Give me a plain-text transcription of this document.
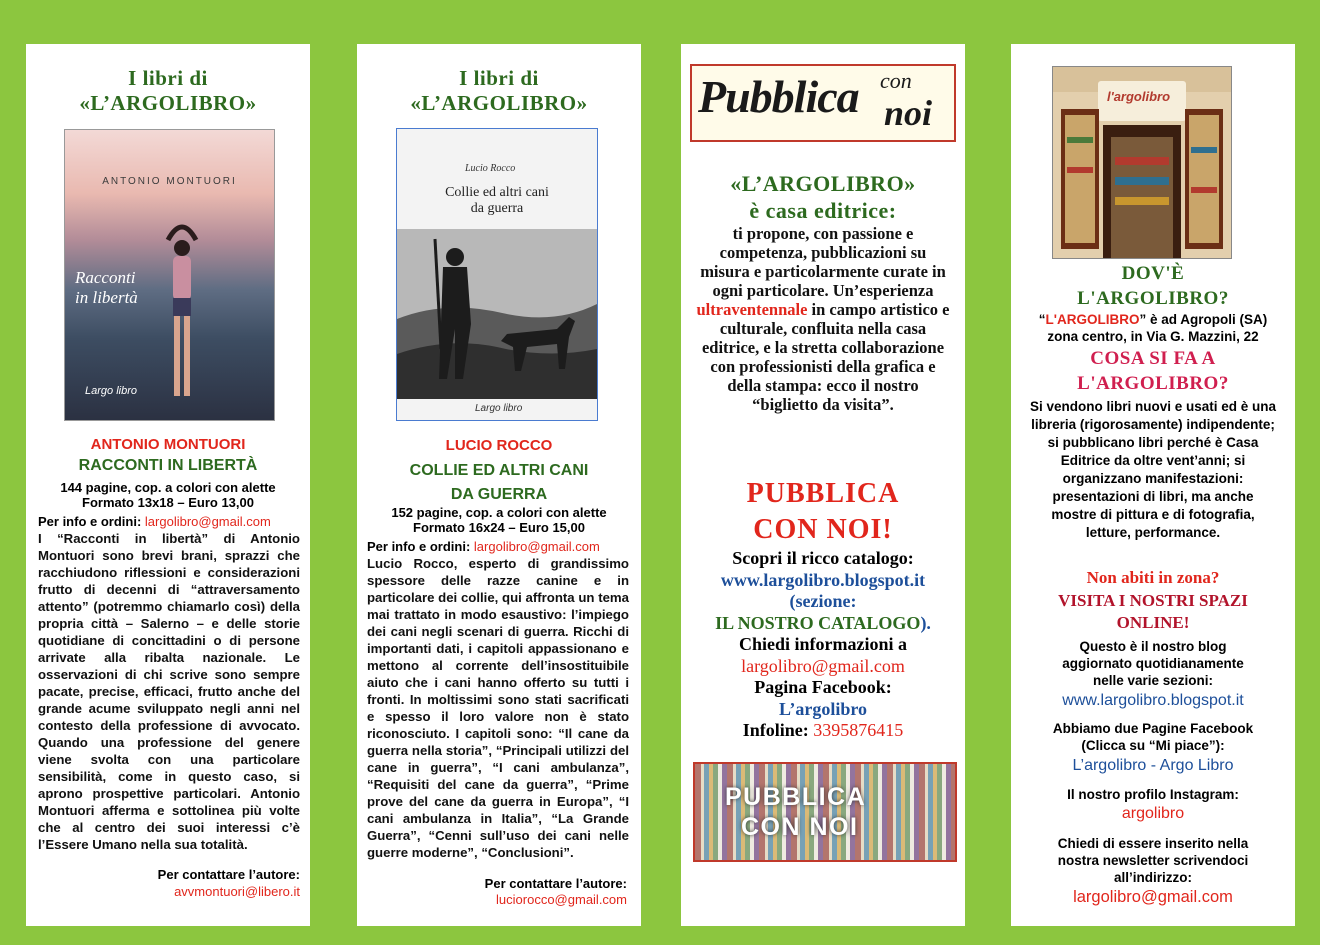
I libri di
«L’ARGOLIBRO»
ANTONIO MONTUORI
Racconti
in libertà
Largo libro
ANTONIO MONTUORI
RACCONTI IN LIBERTÀ
144 pagine, cop. a colori con alette
Formato 13x18 – Euro 13,00
Per info e ordini: largolibro@gmail.com
I “Racconti in libertà” di Antonio Montuori sono brevi brani, sprazzi che racchiudono riflessioni e considerazioni frutto di decenni di “attraversamento attento” (potremmo chiamarlo così) della propria città – Salerno – e delle storie quotidiane di concittadini o di persone arrivate alla ribalta nazionale. Le osservazioni di chi scrive sono sempre pacate, precise, efficaci, frutto anche del grande acume sviluppato negli anni nel contesto della professione di avvocato. Quando una professione del genere viene svolta con una particolare sensibilità, come in questo caso, si aprono prospettive particolari. Antonio Montuori afferma e sottolinea più volte che al centro dei suoi interessi c’è l’Essere Umano nella sua totalità.
Per contattare l’autore:
avvmontuori@libero.it
I libri di
«L’ARGOLIBRO»
Lucio Rocco
Collie ed altri cani
da guerra
Largo libro
LUCIO ROCCO
COLLIE ED ALTRI CANI
DA GUERRA
152 pagine, cop. a colori con alette
Formato 16x24 – Euro 15,00
Per info e ordini: largolibro@gmail.com
Lucio Rocco, esperto di grandissimo spessore delle razze canine e in particolare dei collie, qui affronta un tema mai trattato in modo esaustivo: l’impiego dei cani negli scenari di guerra. Ricchi di importanti dati, i capitoli appassionano e mettono al corrente dell’insostituibile aiuto che i cani hanno offerto su tutti i fronti. In moltissimi sono stati sacrificati e spesso il loro valore non è stato riconosciuto. I capitoli sono: “Il cane da guerra nella storia”, “Principali utilizzi del cane in guerra”, “I cani ambulanza”, “Requisiti del cane da guerra”, “Prime prove del cane da guerra in Europa”, “I cani ambulanza in Italia”, “La Grande Guerra”, “Cenni sull’uso dei cani nelle guerre moderne”, “Conclusioni”.
Per contattare l’autore:
luciorocco@gmail.com
Pubblica con
noi
«L’ARGOLIBRO»
è casa editrice:
ti propone, con passione e competenza, pubblicazioni su misura e particolarmente curate in ogni particolare. Un’esperienza ultraventennale in campo artistico e culturale, confluita nella casa editrice, e la stretta collaborazione con professionisti della grafica e della stampa: ecco il nostro “biglietto da visita”.
PUBBLICA
CON NOI!
Scopri il ricco catalogo:
www.largolibro.blogspot.it
(sezione:
IL NOSTRO CATALOGO).
Chiedi informazioni a
largolibro@gmail.com
Pagina Facebook:
L’argolibro
Infoline: 3395876415
PUBBLICA
CON NOI
l'argolibro
DOV'È
L'ARGOLIBRO?
“L'ARGOLIBRO” è ad Agropoli (SA)
zona centro, in Via G. Mazzini, 22
COSA SI FA A
L'ARGOLIBRO?
Si vendono libri nuovi e usati ed è una libreria (rigorosamente) indipendente; si pubblicano libri perché è Casa Editrice da oltre vent’anni; si organizzano manifestazioni: presentazioni di libri, ma anche mostre di pittura e di fotografia, letture, performance.
Non abiti in zona?
VISITA I NOSTRI SPAZI
ONLINE!
Questo è il nostro blog aggiornato quotidianamente nelle varie sezioni:
www.largolibro.blogspot.it
Abbiamo due Pagine Facebook (Clicca su “Mi piace”):
L’argolibro - Argo Libro
Il nostro profilo Instagram:
argolibro
Chiedi di essere inserito nella nostra newsletter scrivendoci all’indirizzo:
largolibro@gmail.com
